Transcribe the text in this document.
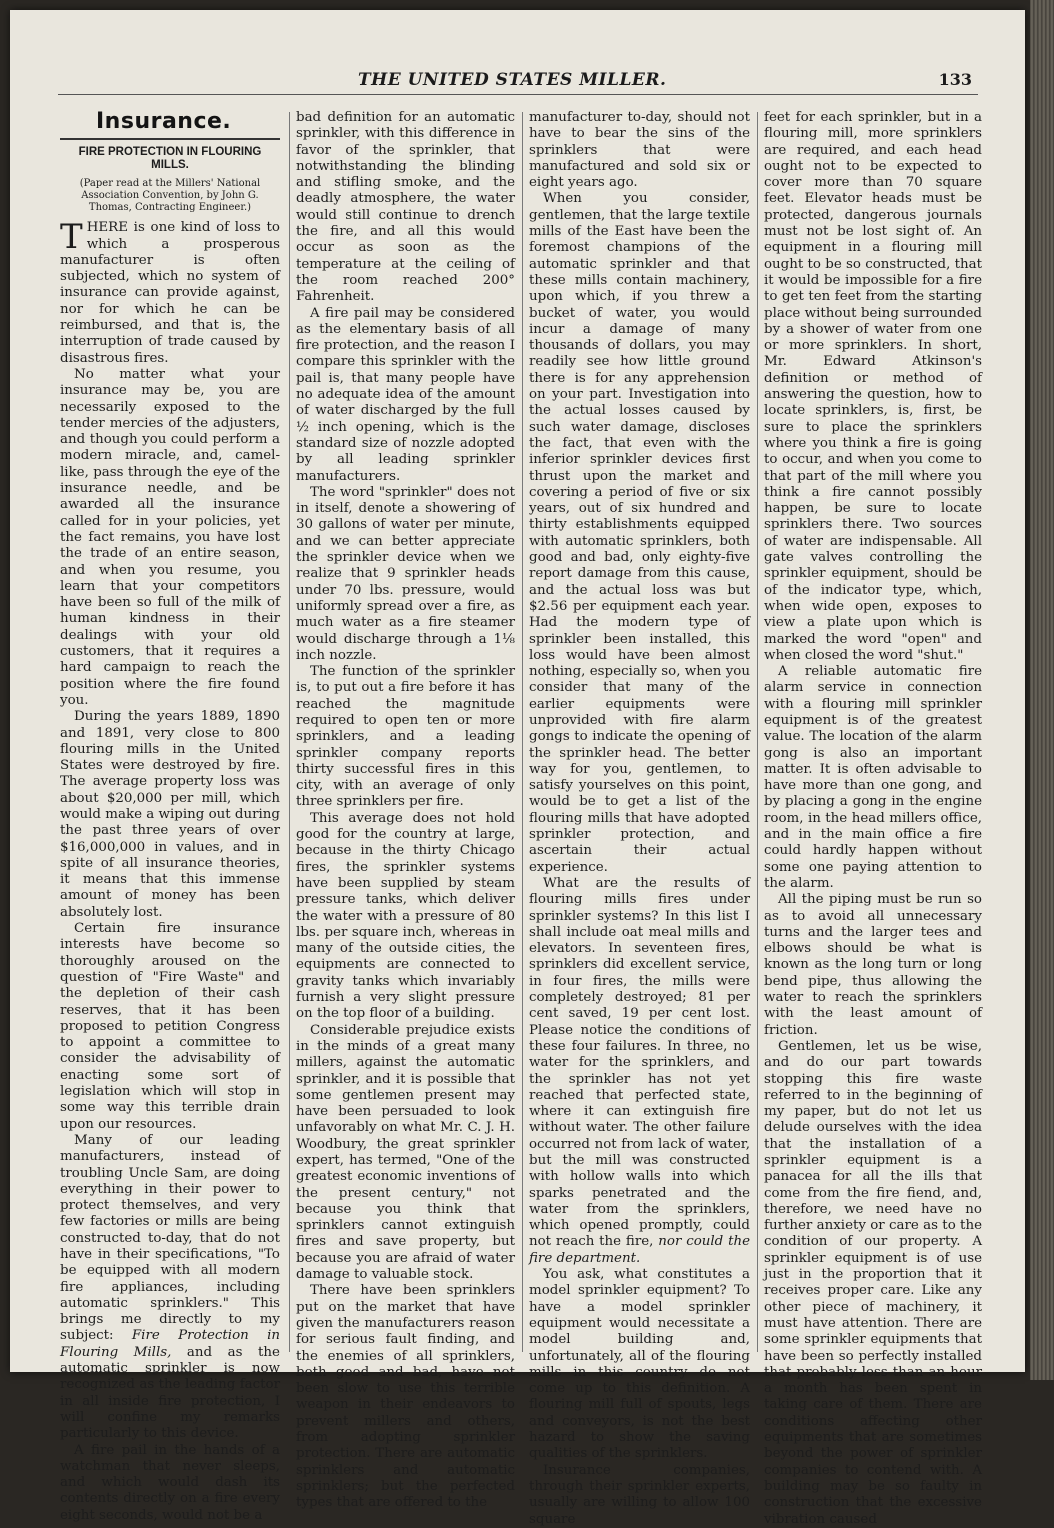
THE UNITED STATES MILLER.	133
Insurance.
FIRE PROTECTION IN FLOURING MILLS.
(Paper read at the Millers' National Association Convention, by John G. Thomas, Contracting Engineer.)

THERE is one kind of loss to which a prosperous manufacturer is often subjected, which no system of insurance can provide against, nor for which he can be reimbursed, and that is, the interruption of trade caused by disastrous fires.

No matter what your insurance may be, you are necessarily exposed to the tender mercies of the adjusters, and though you could perform a modern miracle, and, camel-like, pass through the eye of the insurance needle, and be awarded all the insurance called for in your policies, yet the fact remains, you have lost the trade of an entire season, and when you resume, you learn that your competitors have been so full of the milk of human kindness in their dealings with your old customers, that it requires a hard campaign to reach the position where the fire found you.

During the years 1889, 1890 and 1891, very close to 800 flouring mills in the United States were destroyed by fire. The average property loss was about $20,000 per mill, which would make a wiping out during the past three years of over $16,000,000 in values, and in spite of all insurance theories, it means that this immense amount of money has been absolutely lost.

Certain fire insurance interests have become so thoroughly aroused on the question of "Fire Waste" and the depletion of their cash reserves, that it has been proposed to petition Congress to appoint a committee to consider the advisability of enacting some sort of legislation which will stop in some way this terrible drain upon our resources.

Many of our leading manufacturers, instead of troubling Uncle Sam, are doing everything in their power to protect themselves, and very few factories or mills are being constructed to-day, that do not have in their specifications, "To be equipped with all modern fire appliances, including automatic sprinklers." This brings me directly to my subject: Fire Protection in Flouring Mills, and as the automatic sprinkler is now recognized as the leading factor in all inside fire protection, I will confine my remarks particularly to this device.

A fire pail in the hands of a watchman that never sleeps, and which would dash its contents directly on a fire every eight seconds, would not be a

bad definition for an automatic sprinkler, with this difference in favor of the sprinkler, that notwithstanding the blinding and stifling smoke, and the deadly atmosphere, the water would still continue to drench the fire, and all this would occur as soon as the temperature at the ceiling of the room reached 200° Fahrenheit.

A fire pail may be considered as the elementary basis of all fire protection, and the reason I compare this sprinkler with the pail is, that many people have no adequate idea of the amount of water discharged by the full ½ inch opening, which is the standard size of nozzle adopted by all leading sprinkler manufacturers.

The word "sprinkler" does not in itself, denote a showering of 30 gallons of water per minute, and we can better appreciate the sprinkler device when we realize that 9 sprinkler heads under 70 lbs. pressure, would uniformly spread over a fire, as much water as a fire steamer would discharge through a 1⅛ inch nozzle.

The function of the sprinkler is, to put out a fire before it has reached the magnitude required to open ten or more sprinklers, and a leading sprinkler company reports thirty successful fires in this city, with an average of only three sprinklers per fire.

This average does not hold good for the country at large, because in the thirty Chicago fires, the sprinkler systems have been supplied by steam pressure tanks, which deliver the water with a pressure of 80 lbs. per square inch, whereas in many of the outside cities, the equipments are connected to gravity tanks which invariably furnish a very slight pressure on the top floor of a building.

Considerable prejudice exists in the minds of a great many millers, against the automatic sprinkler, and it is possible that some gentlemen present may have been persuaded to look unfavorably on what Mr. C. J. H. Woodbury, the great sprinkler expert, has termed, "One of the greatest economic inventions of the present century," not because you think that sprinklers cannot extinguish fires and save property, but because you are afraid of water damage to valuable stock.

There have been sprinklers put on the market that have given the manufacturers reason for serious fault finding, and the enemies of all sprinklers, both good and bad, have not been slow to use this terrible weapon in their endeavors to prevent millers and others, from adopting sprinkler protection. There are automatic sprinklers and automatic sprinklers; but the perfected types that are offered to the

manufacturer to-day, should not have to bear the sins of the sprinklers that were manufactured and sold six or eight years ago.

When you consider, gentlemen, that the large textile mills of the East have been the foremost champions of the automatic sprinkler and that these mills contain machinery, upon which, if you threw a bucket of water, you would incur a damage of many thousands of dollars, you may readily see how little ground there is for any apprehension on your part. Investigation into the actual losses caused by such water damage, discloses the fact, that even with the inferior sprinkler devices first thrust upon the market and covering a period of five or six years, out of six hundred and thirty establishments equipped with automatic sprinklers, both good and bad, only eighty-five report damage from this cause, and the actual loss was but $2.56 per equipment each year. Had the modern type of sprinkler been installed, this loss would have been almost nothing, especially so, when you consider that many of the earlier equipments were unprovided with fire alarm gongs to indicate the opening of the sprinkler head. The better way for you, gentlemen, to satisfy yourselves on this point, would be to get a list of the flouring mills that have adopted sprinkler protection, and ascertain their actual experience.

What are the results of flouring mills fires under sprinkler systems? In this list I shall include oat meal mills and elevators. In seventeen fires, sprinklers did excellent service, in four fires, the mills were completely destroyed; 81 per cent saved, 19 per cent lost. Please notice the conditions of these four failures. In three, no water for the sprinklers, and the sprinkler has not yet reached that perfected state, where it can extinguish fire without water. The other failure occurred not from lack of water, but the mill was constructed with hollow walls into which sparks penetrated and the water from the sprinklers, which opened promptly, could not reach the fire, nor could the fire department.

You ask, what constitutes a model sprinkler equipment? To have a model sprinkler equipment would necessitate a model building and, unfortunately, all of the flouring mills in this country do not come up to this definition. A flouring mill full of spouts, legs and conveyors, is not the best hazard to show the saving qualities of the sprinklers.

Insurance companies, through their sprinkler experts, usually are willing to allow 100 square

feet for each sprinkler, but in a flouring mill, more sprinklers are required, and each head ought not to be expected to cover more than 70 square feet. Elevator heads must be protected, dangerous journals must not be lost sight of. An equipment in a flouring mill ought to be so constructed, that it would be impossible for a fire to get ten feet from the starting place without being surrounded by a shower of water from one or more sprinklers. In short, Mr. Edward Atkinson's definition or method of answering the question, how to locate sprinklers, is, first, be sure to place the sprinklers where you think a fire is going to occur, and when you come to that part of the mill where you think a fire cannot possibly happen, be sure to locate sprinklers there. Two sources of water are indispensable. All gate valves controlling the sprinkler equipment, should be of the indicator type, which, when wide open, exposes to view a plate upon which is marked the word "open" and when closed the word "shut."

A reliable automatic fire alarm service in connection with a flouring mill sprinkler equipment is of the greatest value. The location of the alarm gong is also an important matter. It is often advisable to have more than one gong, and by placing a gong in the engine room, in the head millers office, and in the main office a fire could hardly happen without some one paying attention to the alarm.

All the piping must be run so as to avoid all unnecessary turns and the larger tees and elbows should be what is known as the long turn or long bend pipe, thus allowing the water to reach the sprinklers with the least amount of friction.

Gentlemen, let us be wise, and do our part towards stopping this fire waste referred to in the beginning of my paper, but do not let us delude ourselves with the idea that the installation of a sprinkler equipment is a panacea for all the ills that come from the fire fiend, and, therefore, we need have no further anxiety or care as to the condition of our property. A sprinkler equipment is of use just in the proportion that it receives proper care. Like any other piece of machinery, it must have attention. There are some sprinkler equipments that have been so perfectly installed that probably less than an hour a month has been spent in taking care of them. There are conditions affecting other equipments that are sometimes beyond the power of sprinkler companies to contend with. A building may be so faulty in construction that the excessive vibration caused
